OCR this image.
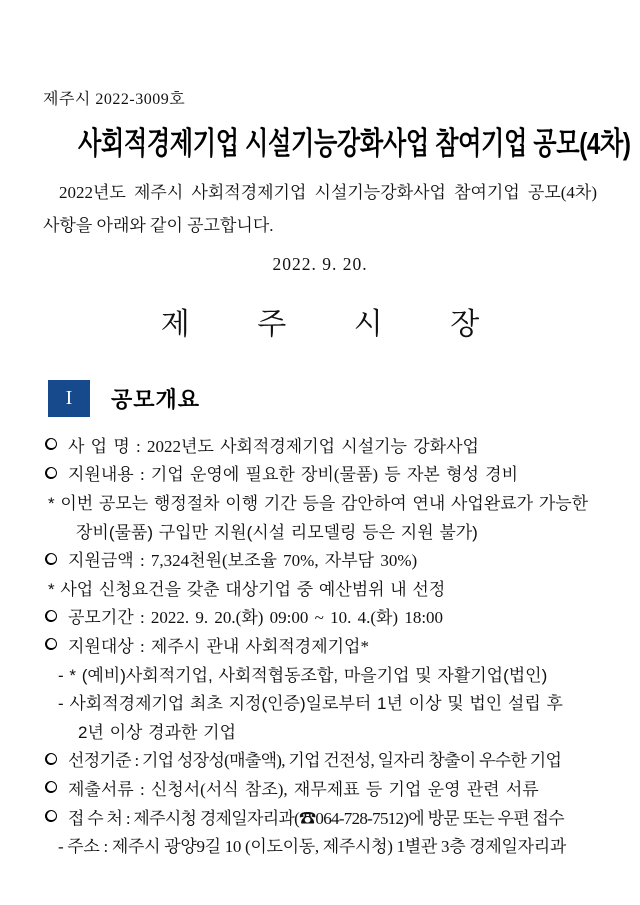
제주시 2022-3009호
사회적경제기업 시설기능강화사업 참여기업 공모(4차)
2022년도 제주시 사회적경제기업 시설기능강화사업 참여기업 공모(4차)
사항을 아래와 같이 공고합니다.
2022. 9. 20.
제 주 시 장
I 공모개요
사 업 명 : 2022년도 사회적경제기업 시설기능 강화사업
지원내용 : 기업 운영에 필요한 장비(물품) 등 자본 형성 경비
* 이번 공모는 행정절차 이행 기간 등을 감안하여 연내 사업완료가 가능한
장비(물품) 구입만 지원(시설 리모델링 등은 지원 불가)
지원금액 : 7,324천원(보조율 70%, 자부담 30%)
* 사업 신청요건을 갖춘 대상기업 중 예산범위 내 선정
공모기간 : 2022. 9. 20.(화) 09:00 ~ 10. 4.(화) 18:00
지원대상 : 제주시 관내 사회적경제기업*
- * (예비)사회적기업, 사회적협동조합, 마을기업 및 자활기업(법인)
- 사회적경제기업 최초 지정(인증)일로부터 1년 이상 및 법인 설립 후
2년 이상 경과한 기업
선정기준 : 기업 성장성(매출액), 기업 건전성, 일자리 창출이 우수한 기업
제출서류 : 신청서(서식 참조), 재무제표 등 기업 운영 관련 서류
접 수 처 : 제주시청 경제일자리과(☎064-728-7512)에 방문 또는 우편 접수
- 주소 : 제주시 광양9길 10 (이도이동, 제주시청) 1별관 3층 경제일자리과
